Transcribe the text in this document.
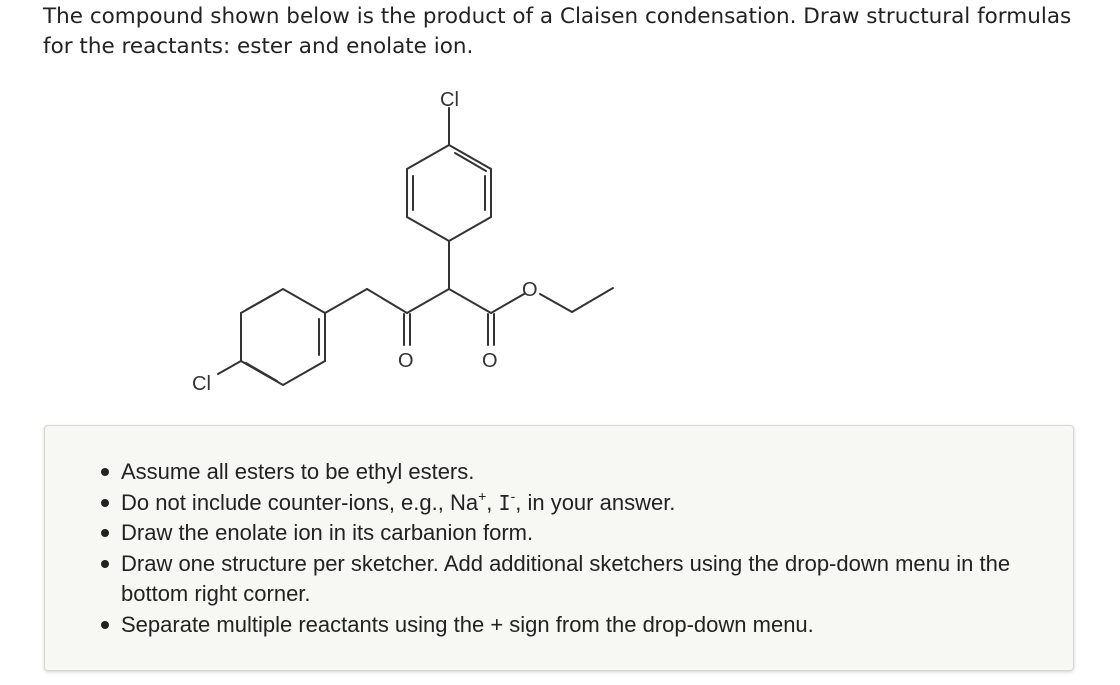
The compound shown below is the product of a Claisen condensation. Draw structural formulas for the reactants: ester and enolate ion.

Cl
O
O	O
Cl
Assume all esters to be ethyl esters.
Do not include counter-ions, e.g., Na+, I-, in your answer.
Draw the enolate ion in its carbanion form.
Draw one structure per sketcher. Add additional sketchers using the drop-down menu in the bottom right corner.
Separate multiple reactants using the + sign from the drop-down menu.
